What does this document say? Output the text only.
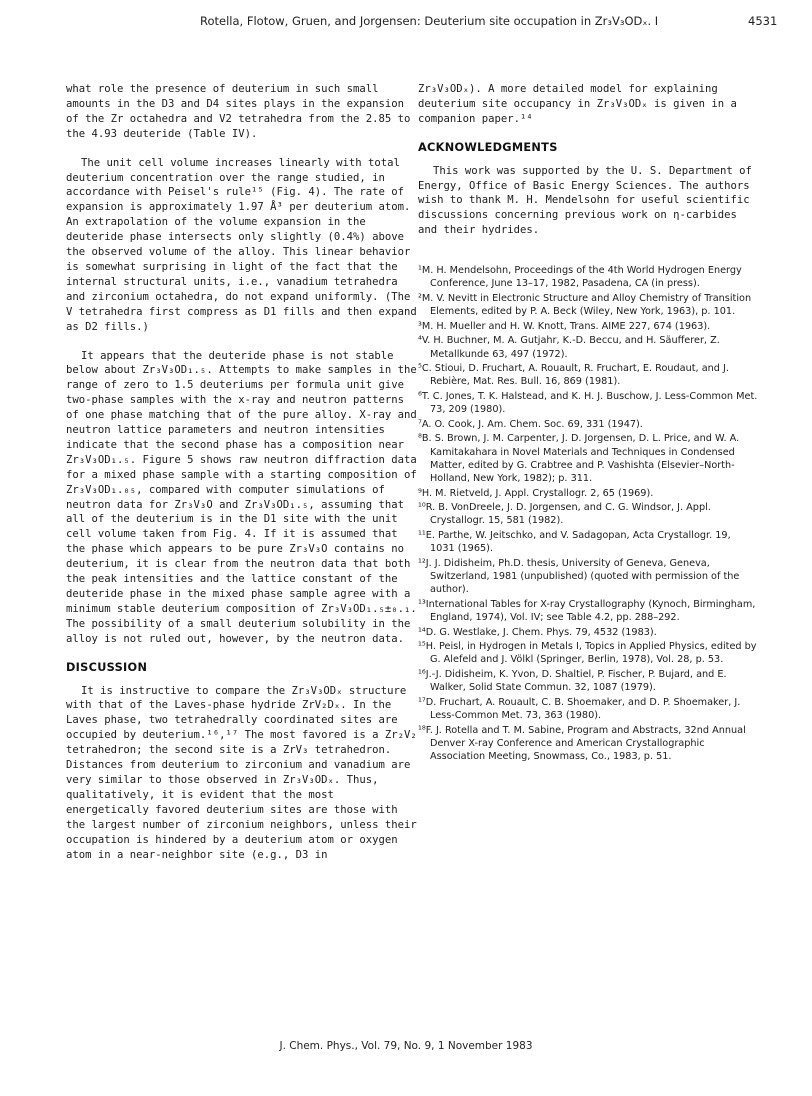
Rotella, Flotow, Gruen, and Jorgensen: Deuterium site occupation in Zr₃V₃ODₓ. I	4531

what role the presence of deuterium in such small amounts in the D3 and D4 sites plays in the expansion of the Zr octahedra and V2 tetrahedra from the 2.85 to the 4.93 deuteride (Table IV).

The unit cell volume increases linearly with total deuterium concentration over the range studied, in accordance with Peisel's rule¹⁵ (Fig. 4). The rate of expansion is approximately 1.97 Å³ per deuterium atom. An extrapolation of the volume expansion in the deuteride phase intersects only slightly (0.4%) above the observed volume of the alloy. This linear behavior is somewhat surprising in light of the fact that the internal structural units, i.e., vanadium tetrahedra and zirconium octahedra, do not expand uniformly. (The V tetrahedra first compress as D1 fills and then expand as D2 fills.)

It appears that the deuteride phase is not stable below about Zr₃V₃OD₁.₅. Attempts to make samples in the range of zero to 1.5 deuteriums per formula unit give two-phase samples with the x-ray and neutron patterns of one phase matching that of the pure alloy. X-ray and neutron lattice parameters and neutron intensities indicate that the second phase has a composition near Zr₃V₃OD₁.₅. Figure 5 shows raw neutron diffraction data for a mixed phase sample with a starting composition of Zr₃V₃OD₁.₀₅, compared with computer simulations of neutron data for Zr₃V₃O and Zr₃V₃OD₁.₅, assuming that all of the deuterium is in the D1 site with the unit cell volume taken from Fig. 4. If it is assumed that the phase which appears to be pure Zr₃V₃O contains no deuterium, it is clear from the neutron data that both the peak intensities and the lattice constant of the deuteride phase in the mixed phase sample agree with a minimum stable deuterium composition of Zr₃V₃OD₁.₅±₀.₁. The possibility of a small deuterium solubility in the alloy is not ruled out, however, by the neutron data.

DISCUSSION

It is instructive to compare the Zr₃V₃ODₓ structure with that of the Laves-phase hydride ZrV₂Dₓ. In the Laves phase, two tetrahedrally coordinated sites are occupied by deuterium.¹⁶,¹⁷ The most favored is a Zr₂V₂ tetrahedron; the second site is a ZrV₃ tetrahedron. Distances from deuterium to zirconium and vanadium are very similar to those observed in Zr₃V₃ODₓ. Thus, qualitatively, it is evident that the most energetically favored deuterium sites are those with the largest number of zirconium neighbors, unless their occupation is hindered by a deuterium atom or oxygen atom in a near-neighbor site (e.g., D3 in

Zr₃V₃ODₓ). A more detailed model for explaining deuterium site occupancy in Zr₃V₃ODₓ is given in a companion paper.¹⁴

ACKNOWLEDGMENTS

This work was supported by the U. S. Department of Energy, Office of Basic Energy Sciences. The authors wish to thank M. H. Mendelsohn for useful scientific discussions concerning previous work on η-carbides and their hydrides.

¹M. H. Mendelsohn, Proceedings of the 4th World Hydrogen Energy Conference, June 13–17, 1982, Pasadena, CA (in press).

²M. V. Nevitt in Electronic Structure and Alloy Chemistry of Transition Elements, edited by P. A. Beck (Wiley, New York, 1963), p. 101.

³M. H. Mueller and H. W. Knott, Trans. AIME 227, 674 (1963).

⁴V. H. Buchner, M. A. Gutjahr, K.-D. Beccu, and H. Säufferer, Z. Metallkunde 63, 497 (1972).

⁵C. Stioui, D. Fruchart, A. Rouault, R. Fruchart, E. Roudaut, and J. Rebière, Mat. Res. Bull. 16, 869 (1981).

⁶T. C. Jones, T. K. Halstead, and K. H. J. Buschow, J. Less-Common Met. 73, 209 (1980).

⁷A. O. Cook, J. Am. Chem. Soc. 69, 331 (1947).

⁸B. S. Brown, J. M. Carpenter, J. D. Jorgensen, D. L. Price, and W. A. Kamitakahara in Novel Materials and Techniques in Condensed Matter, edited by G. Crabtree and P. Vashishta (Elsevier–North-Holland, New York, 1982); p. 311.

⁹H. M. Rietveld, J. Appl. Crystallogr. 2, 65 (1969).

¹⁰R. B. VonDreele, J. D. Jorgensen, and C. G. Windsor, J. Appl. Crystallogr. 15, 581 (1982).

¹¹E. Parthe, W. Jeitschko, and V. Sadagopan, Acta Crystallogr. 19, 1031 (1965).

¹²J. J. Didisheim, Ph.D. thesis, University of Geneva, Geneva, Switzerland, 1981 (unpublished) (quoted with permission of the author).

¹³International Tables for X-ray Crystallography (Kynoch, Birmingham, England, 1974), Vol. IV; see Table 4.2, pp. 288–292.

¹⁴D. G. Westlake, J. Chem. Phys. 79, 4532 (1983).

¹⁵H. Peisl, in Hydrogen in Metals I, Topics in Applied Physics, edited by G. Alefeld and J. Völkl (Springer, Berlin, 1978), Vol. 28, p. 53.

¹⁶J.-J. Didisheim, K. Yvon, D. Shaltiel, P. Fischer, P. Bujard, and E. Walker, Solid State Commun. 32, 1087 (1979).

¹⁷D. Fruchart, A. Rouault, C. B. Shoemaker, and D. P. Shoemaker, J. Less-Common Met. 73, 363 (1980).

¹⁸F. J. Rotella and T. M. Sabine, Program and Abstracts, 32nd Annual Denver X-ray Conference and American Crystallographic Association Meeting, Snowmass, Co., 1983, p. 51.

J. Chem. Phys., Vol. 79, No. 9, 1 November 1983
